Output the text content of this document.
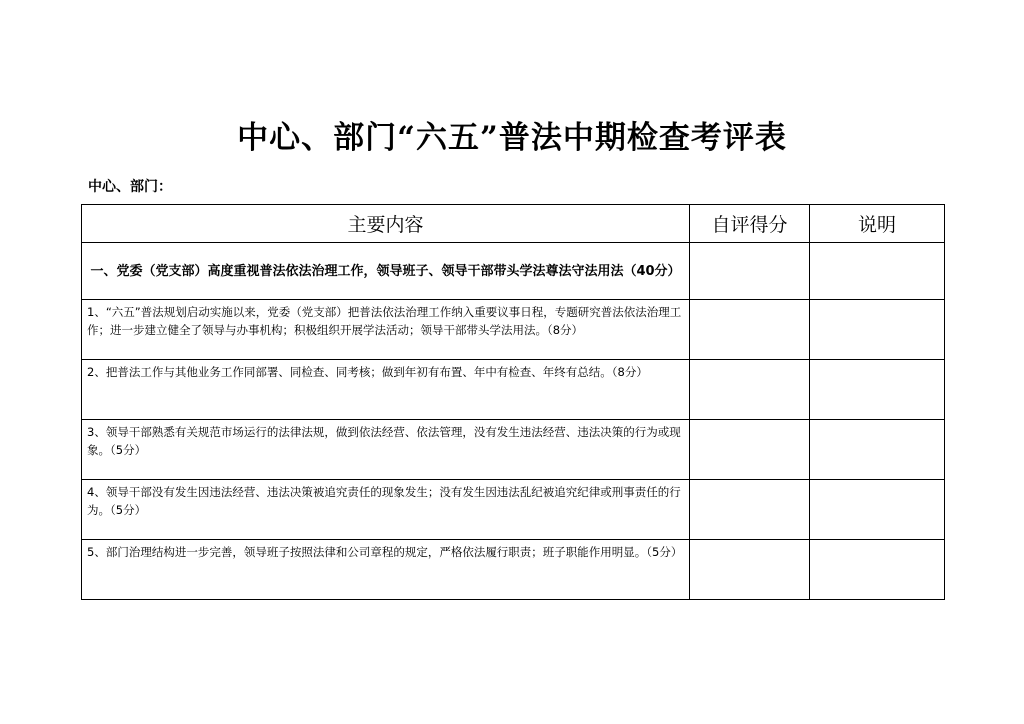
中心、部门“六五”普法中期检查考评表
中心、部门：
主要内容	自评得分	说明
一、党委（党支部）高度重视普法依法治理工作，领导班子、领导干部带头学法尊法守法用法（40分）		
1、“六五”普法规划启动实施以来，党委（党支部）把普法依法治理工作纳入重要议事日程，专题研究普法依法治理工作；进一步建立健全了领导与办事机构；积极组织开展学法活动；领导干部带头学法用法。（8分）		
2、把普法工作与其他业务工作同部署、同检查、同考核；做到年初有布置、年中有检查、年终有总结。（8分）		
3、领导干部熟悉有关规范市场运行的法律法规，做到依法经营、依法管理，没有发生违法经营、违法决策的行为或现象。（5分）		
4、领导干部没有发生因违法经营、违法决策被追究责任的现象发生；没有发生因违法乱纪被追究纪律或刑事责任的行为。（5分）		
5、部门治理结构进一步完善，领导班子按照法律和公司章程的规定，严格依法履行职责；班子职能作用明显。（5分）		
